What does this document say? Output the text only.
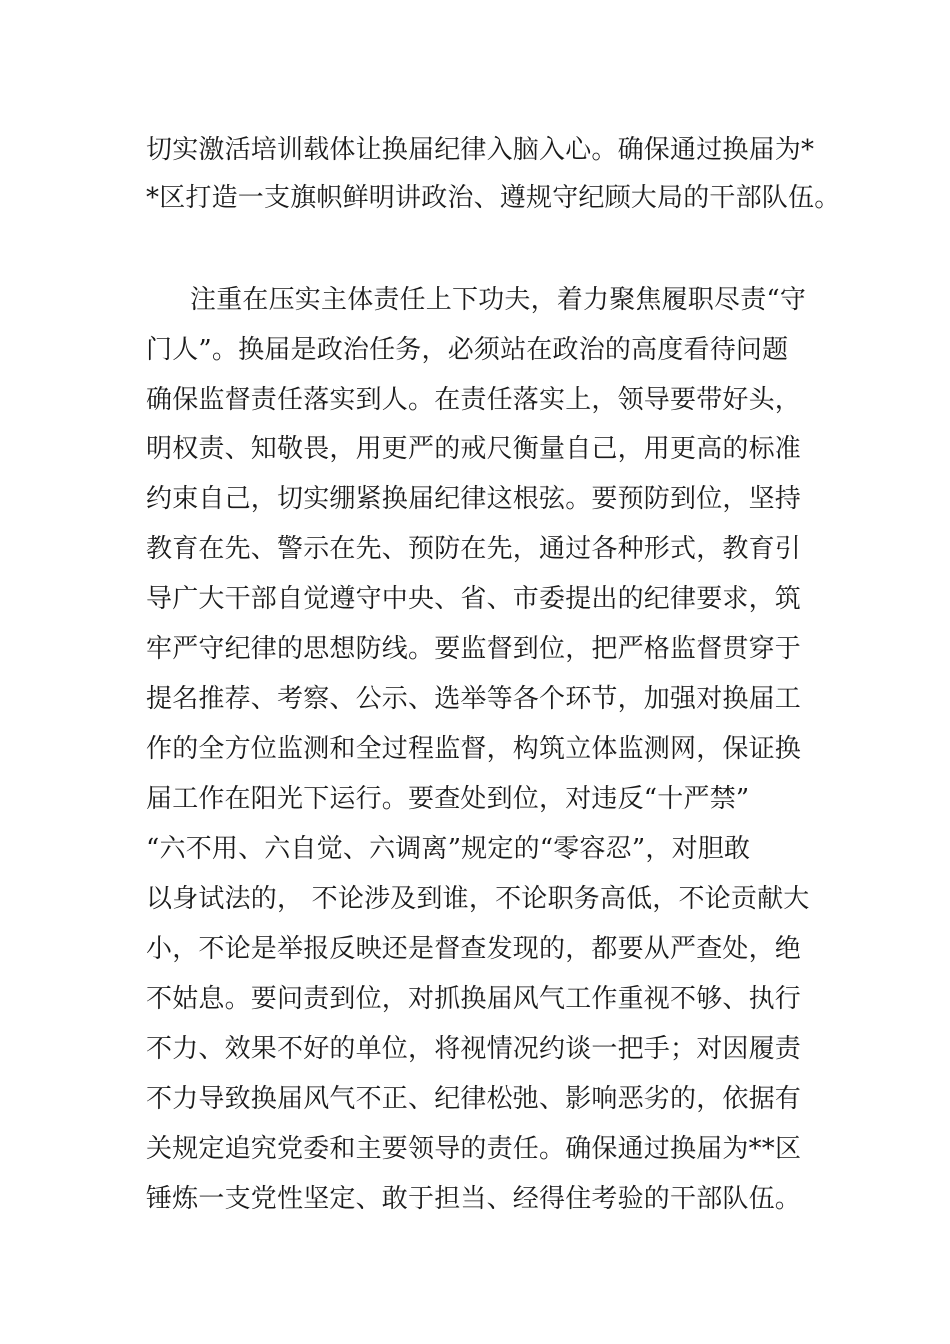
切实激活培训载体让换届纪律入脑入心。确保通过换届为*
*区打造一支旗帜鲜明讲政治、遵规守纪顾大局的干部队伍。
注重在压实主体责任上下功夫，着力聚焦履职尽责“守
门人”。换届是政治任务，必须站在政治的高度看待问题
确保监督责任落实到人。在责任落实上，领导要带好头，
明权责、知敬畏，用更严的戒尺衡量自己，用更高的标准
约束自己，切实绷紧换届纪律这根弦。要预防到位，坚持
教育在先、警示在先、预防在先，通过各种形式，教育引
导广大干部自觉遵守中央、省、市委提出的纪律要求，筑
牢严守纪律的思想防线。要监督到位，把严格监督贯穿于
提名推荐、考察、公示、选举等各个环节，加强对换届工
作的全方位监测和全过程监督，构筑立体监测网，保证换
届工作在阳光下运行。要查处到位，对违反“十严禁”
“六不用、六自觉、六调离”规定的“零容忍”，对胆敢
以身试法的， 不论涉及到谁，不论职务高低，不论贡献大
小，不论是举报反映还是督查发现的，都要从严查处，绝
不姑息。要问责到位，对抓换届风气工作重视不够、执行
不力、效果不好的单位，将视情况约谈一把手；对因履责
不力导致换届风气不正、纪律松弛、影响恶劣的，依据有
关规定追究党委和主要领导的责任。确保通过换届为**区
锤炼一支党性坚定、敢于担当、经得住考验的干部队伍。
